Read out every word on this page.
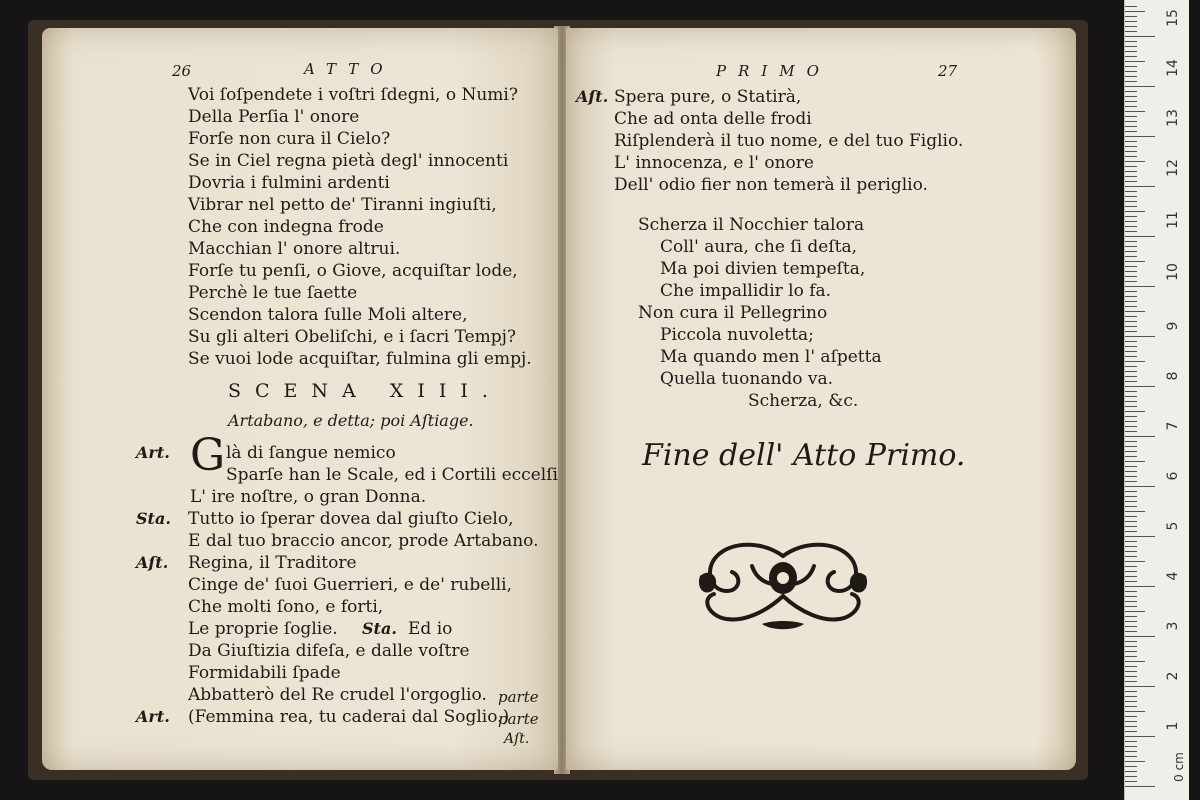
26	ATTO
Voi ſoſpendete i voſtri ſdegni, o Numi?
Della Perſia l' onore
Forſe non cura il Cielo?
Se in Ciel regna pietà degl' innocenti
Dovria i fulmini ardenti
Vibrar nel petto de' Tiranni ingiuſti,
Che con indegna frode
Macchian l' onore altrui.
Forſe tu penſi, o Giove, acquiſtar lode,
Perchè le tue ſaette
Scendon talora ſulle Moli altere,
Su gli alteri Obeliſchi, e i ſacri Tempj?
Se vuoi lode acquiſtar, fulmina gli empj.
SCENA XIII.
Artabano, e detta; poi Aſtiage.
Art. G là di ſangue nemico
Sparſe han le Scale, ed i Cortili eccelſi
L' ire noſtre, o gran Donna.
Sta. Tutto io ſperar dovea dal giuſto Cielo,
E dal tuo braccio ancor, prode Artabano.
Aſt. Regina, il Traditore
Cinge de' ſuoi Guerrieri, e de' rubelli,
Che molti ſono, e forti,
Le proprie ſoglie. Sta. Ed io
Da Giuſtizia difeſa, e dalle voſtre
Formidabili ſpade
Abbatterò del Re crudel l'orgoglio. parte
Art. (Femmina rea, tu caderai dal Soglio.)
parte
Aſt.
PRIMO	27
Aſt. Spera pure, o Statirà,
Che ad onta delle frodi
Riſplenderà il tuo nome, e del tuo Figlio.
L' innocenza, e l' onore
Dell' odio fier non temerà il periglio.
Scherza il Nocchier talora
Coll' aura, che ſi deſta,
Ma poi divien tempeſta,
Che impallidir lo fa.
Non cura il Pellegrino
Piccola nuvoletta;
Ma quando men l' aſpetta
Quella tuonando va.
Scherza, &c.
Fine dell' Atto Primo.
0 cm
1
2
3
4
5
6
7
8
9
10
11
12
13
14
15
